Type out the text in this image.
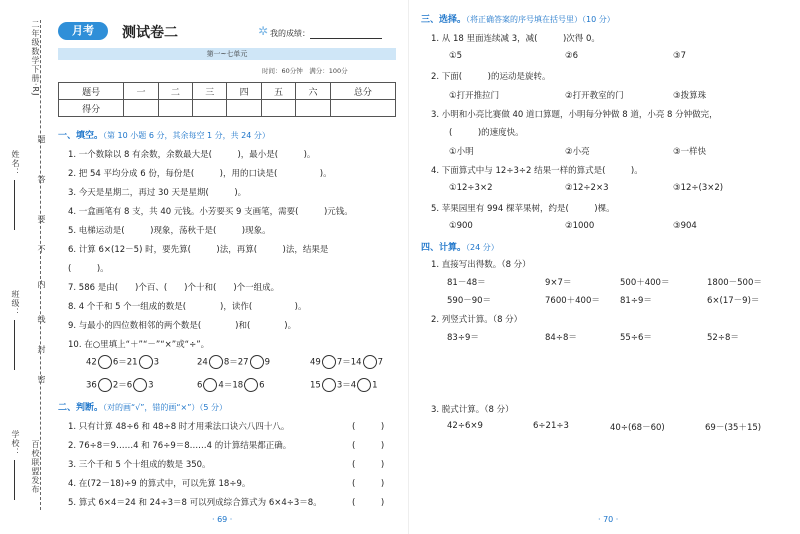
姓名：
班级：
学校：
二年级数学下册·RJ
百校联盟发布
题
答
要
不
内
线
封
密
月考	测试卷二	✲ 我的成绩：
第一~七单元
时间：60分钟　满分：100分
题号	一	二	三	四	五	六	总分
得分							
一、填空。（第 10 小题 6 分，其余每空 1 分，共 24 分）
1. 一个数除以 8 有余数，余数最大是(　　　)，最小是(　　　)。
2. 把 54 平均分成 6 份，每份是(　　　)，用的口诀是(　　　　　)。
3. 今天是星期二，再过 30 天是星期(　　　)。
4. 一盒画笔有 8 支，共 40 元钱。小芳要买 9 支画笔，需要(　　　)元钱。
5. 电梯运动是(　　　)现象，荡秋千是(　　　)现象。
6. 计算 6×(12－5) 时，要先算(　　　)法，再算(　　　)法，结果是
(　　　)。
7. 586 是由(　　)个百、(　　)个十和(　　)个一组成。
8. 4 个千和 5 个一组成的数是(　　　　)，读作(　　　　　)。
9. 与最小的四位数相邻的两个数是(　　　　)和(　　　　)。
10. 在○里填上“＋”“－”“×”或“÷”。
42 6＝21 3	24 8＝27 9	49 7＝14 7
36 2＝6 3	6 4＝18 6	15 3＝4 1
二、判断。（对的画“√”，错的画“×”）（5 分）
1. 只有计算 48÷6 和 48÷8 时才用乘法口诀六八四十八。	(　　　)
2. 76÷8＝9……4 和 76÷9＝8……4 的计算结果都正确。	(　　　)
3. 三个千和 5 个十组成的数是 350。	(　　　)
4. 在(72－18)÷9 的算式中，可以先算 18÷9。	(　　　)
5. 算式 6×4＝24 和 24÷3＝8 可以列成综合算式为 6×4÷3＝8。	(　　　)
· 69 ·
三、选择。（将正确答案的序号填在括号里）（10 分）
1. 从 18 里面连续减 3，减(　　　)次得 0。
①5	②6	③7
2. 下面(　　　)的运动是旋转。
①打开推拉门	②打开教室的门	③拨算珠
3. 小明和小亮比赛做 40 道口算题，小明每分钟做 8 道，小亮 8 分钟做完，
(　　　)的速度快。
①小明	②小亮	③一样快
4. 下面算式中与 12÷3÷2 结果一样的算式是(　　　)。
①12÷3×2	②12÷2×3	③12÷(3×2)
5. 苹果园里有 994 棵苹果树，约是(　　　)棵。
①900	②1000	③904
四、计算。（24 分）
1. 直接写出得数。（8 分）
81－48＝	9×7＝	500＋400＝	1800－500＝
590－90＝	7600＋400＝ 81÷9＝	6×(17－9)＝
2. 列竖式计算。（8 分）
83÷9＝	84÷8＝	55÷6＝	52÷8＝
3. 脱式计算。（8 分）
42÷6×9	6÷21÷3	40÷(68－60)	69－(35＋15)
· 70 ·
